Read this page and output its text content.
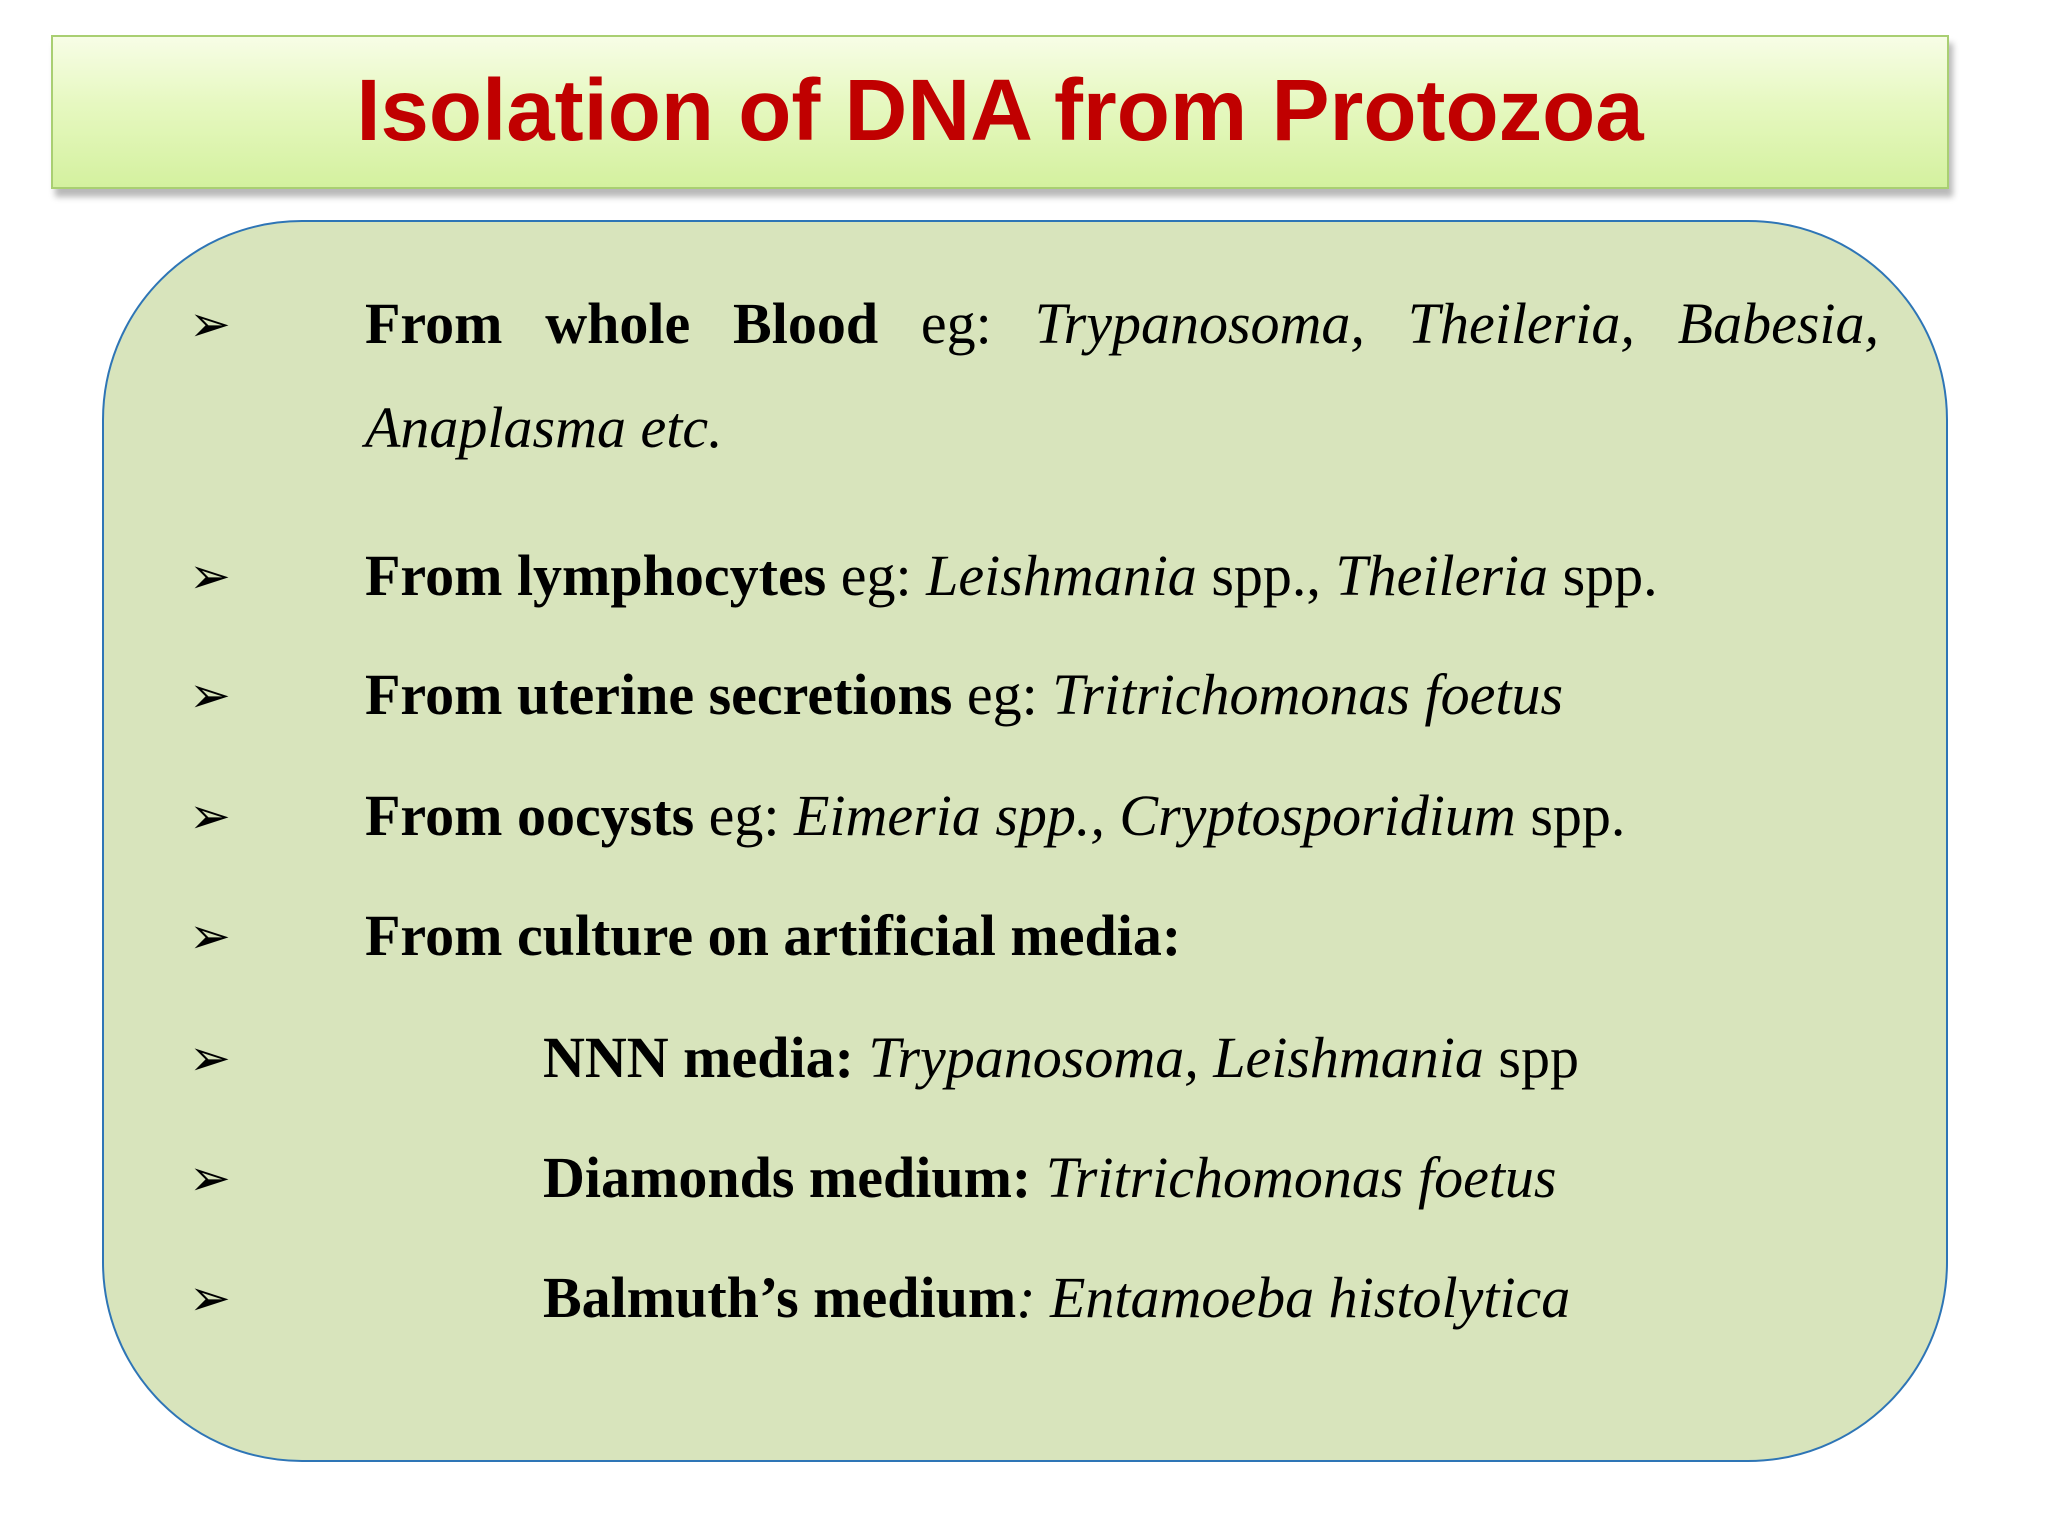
Isolation of DNA from Protozoa
➢ From whole Blood eg: Trypanosoma, Theileria, Babesia, Anaplasma etc.
➢ From lymphocytes eg: Leishmania spp., Theileria spp.
➢ From uterine secretions eg: Tritrichomonas foetus
➢ From oocysts eg: Eimeria spp., Cryptosporidium spp.
➢ From culture on artificial media:
➢	NNN media: Trypanosoma, Leishmania spp
➢	Diamonds medium: Tritrichomonas foetus
➢	Balmuth’s medium: Entamoeba histolytica
